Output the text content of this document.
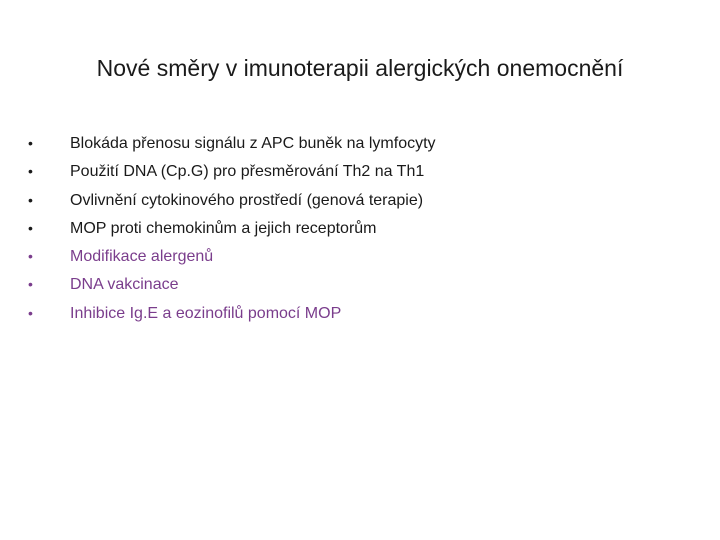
Nové směry v imunoterapii alergických onemocnění
•	Blokáda přenosu signálu z APC buněk na lymfocyty
•	Použití DNA (Cp.G) pro přesměrování Th2 na Th1
•	Ovlivnění cytokinového prostředí (genová terapie)
•	MOP proti chemokinům a jejich receptorům
•	Modifikace alergenů
•	DNA vakcinace
•	Inhibice Ig.E a eozinofilů pomocí MOP
